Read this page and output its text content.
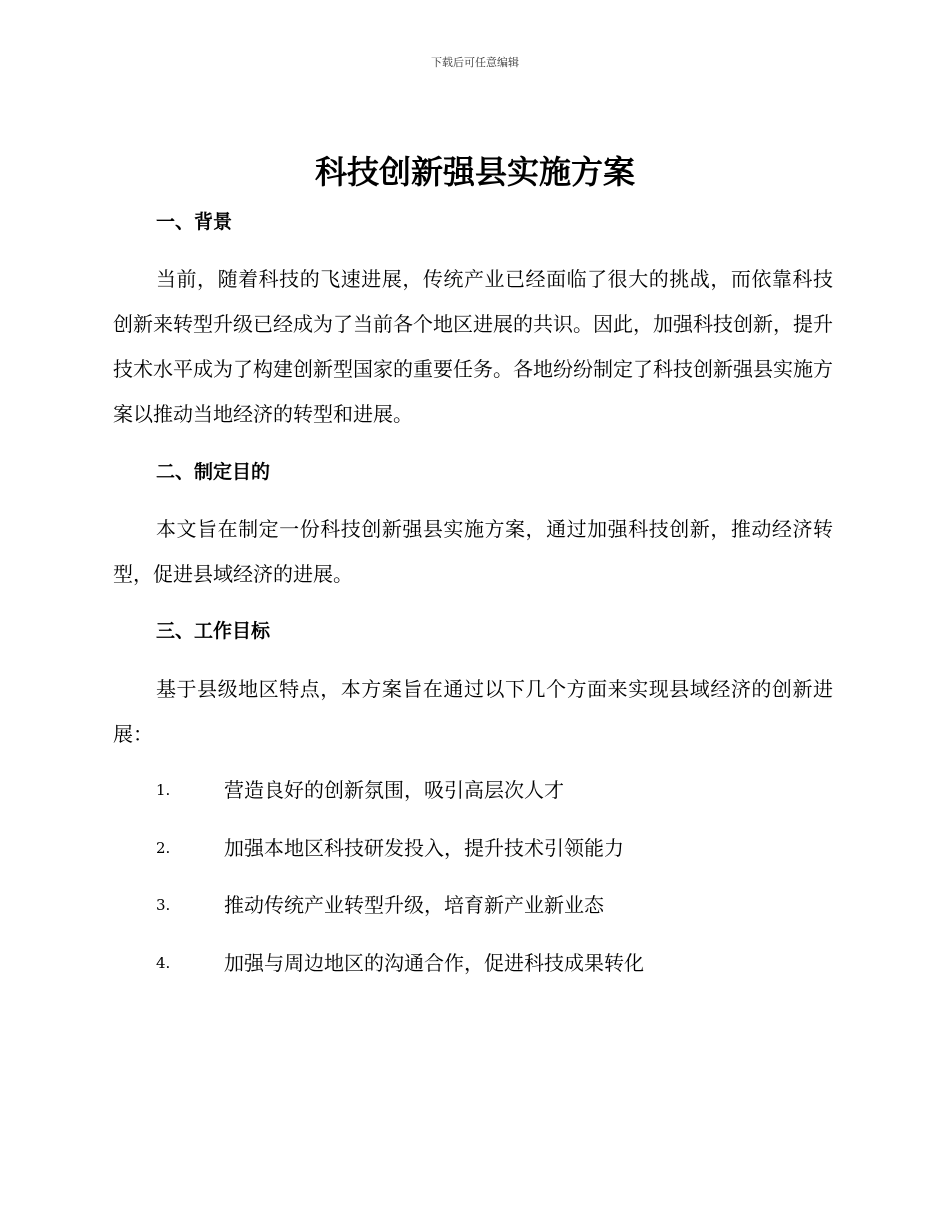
下载后可任意编辑
科技创新强县实施方案
一、背景

当前，随着科技的飞速进展，传统产业已经面临了很大的挑战，而依靠科技创新来转型升级已经成为了当前各个地区进展的共识。因此，加强科技创新，提升技术水平成为了构建创新型国家的重要任务。各地纷纷制定了科技创新强县实施方案以推动当地经济的转型和进展。

二、制定目的

本文旨在制定一份科技创新强县实施方案，通过加强科技创新，推动经济转型，促进县域经济的进展。

三、工作目标

基于县级地区特点，本方案旨在通过以下几个方面来实现县域经济的创新进展：

1.	营造良好的创新氛围，吸引高层次人才
2.	加强本地区科技研发投入，提升技术引领能力
3.	推动传统产业转型升级，培育新产业新业态
4.	加强与周边地区的沟通合作，促进科技成果转化
